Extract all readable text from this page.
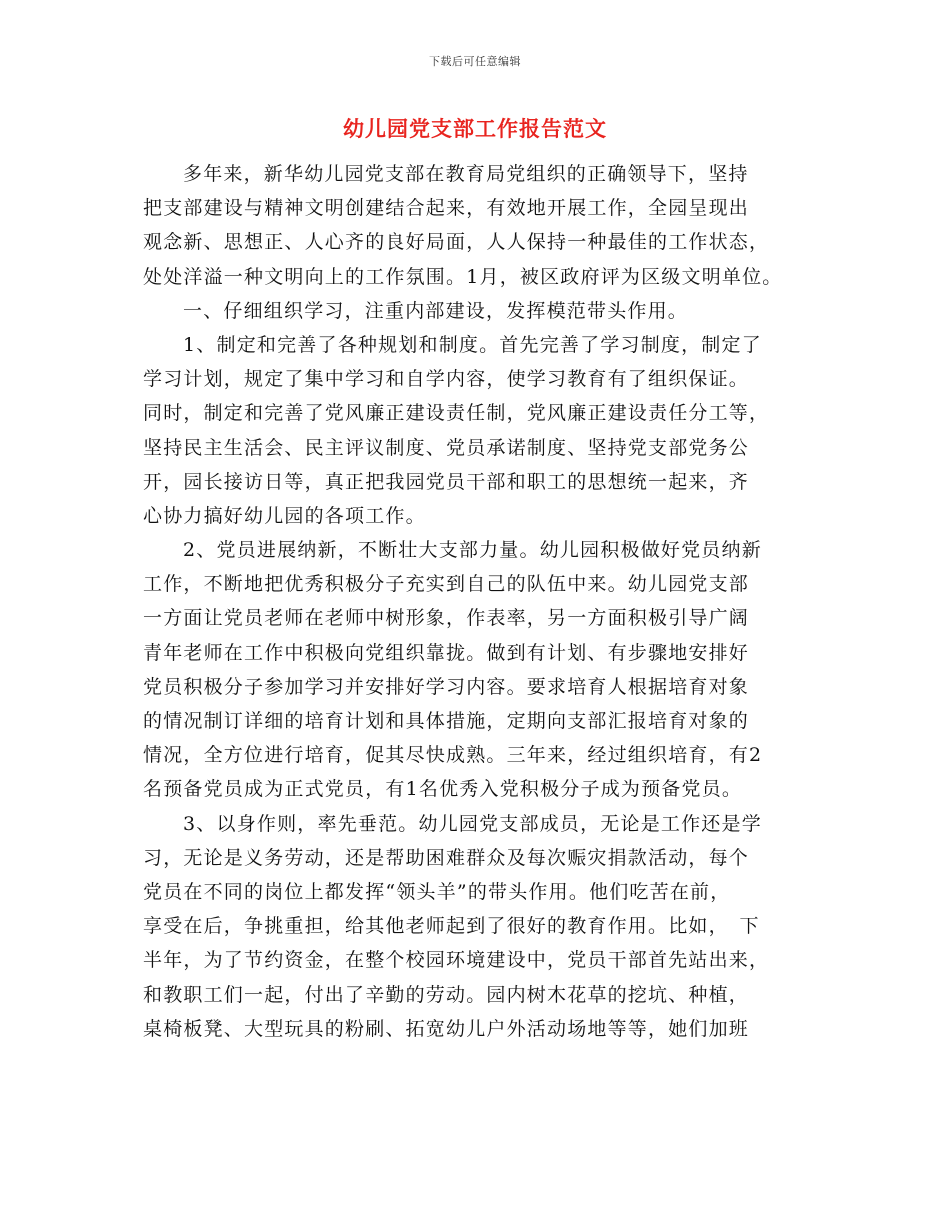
下载后可任意编辑
幼儿园党支部工作报告范文
多年来，新华幼儿园党支部在教育局党组织的正确领导下，坚持
把支部建设与精神文明创建结合起来，有效地开展工作，全园呈现出
观念新、思想正、人心齐的良好局面，人人保持一种最佳的工作状态，
处处洋溢一种文明向上的工作氛围。1月，被区政府评为区级文明单位。
一、仔细组织学习，注重内部建设，发挥模范带头作用。
1、制定和完善了各种规划和制度。首先完善了学习制度，制定了
学习计划，规定了集中学习和自学内容，使学习教育有了组织保证。
同时，制定和完善了党风廉正建设责任制，党风廉正建设责任分工等，
坚持民主生活会、民主评议制度、党员承诺制度、坚持党支部党务公
开，园长接访日等，真正把我园党员干部和职工的思想统一起来，齐
心协力搞好幼儿园的各项工作。
2、党员进展纳新，不断壮大支部力量。幼儿园积极做好党员纳新
工作，不断地把优秀积极分子充实到自己的队伍中来。幼儿园党支部
一方面让党员老师在老师中树形象，作表率，另一方面积极引导广阔
青年老师在工作中积极向党组织靠拢。做到有计划、有步骤地安排好
党员积极分子参加学习并安排好学习内容。要求培育人根据培育对象
的情况制订详细的培育计划和具体措施，定期向支部汇报培育对象的
情况，全方位进行培育，促其尽快成熟。三年来，经过组织培育，有2
名预备党员成为正式党员，有1名优秀入党积极分子成为预备党员。
3、以身作则，率先垂范。幼儿园党支部成员，无论是工作还是学
习，无论是义务劳动，还是帮助困难群众及每次赈灾捐款活动，每个
党员在不同的岗位上都发挥“领头羊”的带头作用。他们吃苦在前，
享受在后，争挑重担，给其他老师起到了很好的教育作用。比如，　下
半年，为了节约资金，在整个校园环境建设中，党员干部首先站出来，
和教职工们一起，付出了辛勤的劳动。园内树木花草的挖坑、种植，
桌椅板凳、大型玩具的粉刷、拓宽幼儿户外活动场地等等，她们加班
